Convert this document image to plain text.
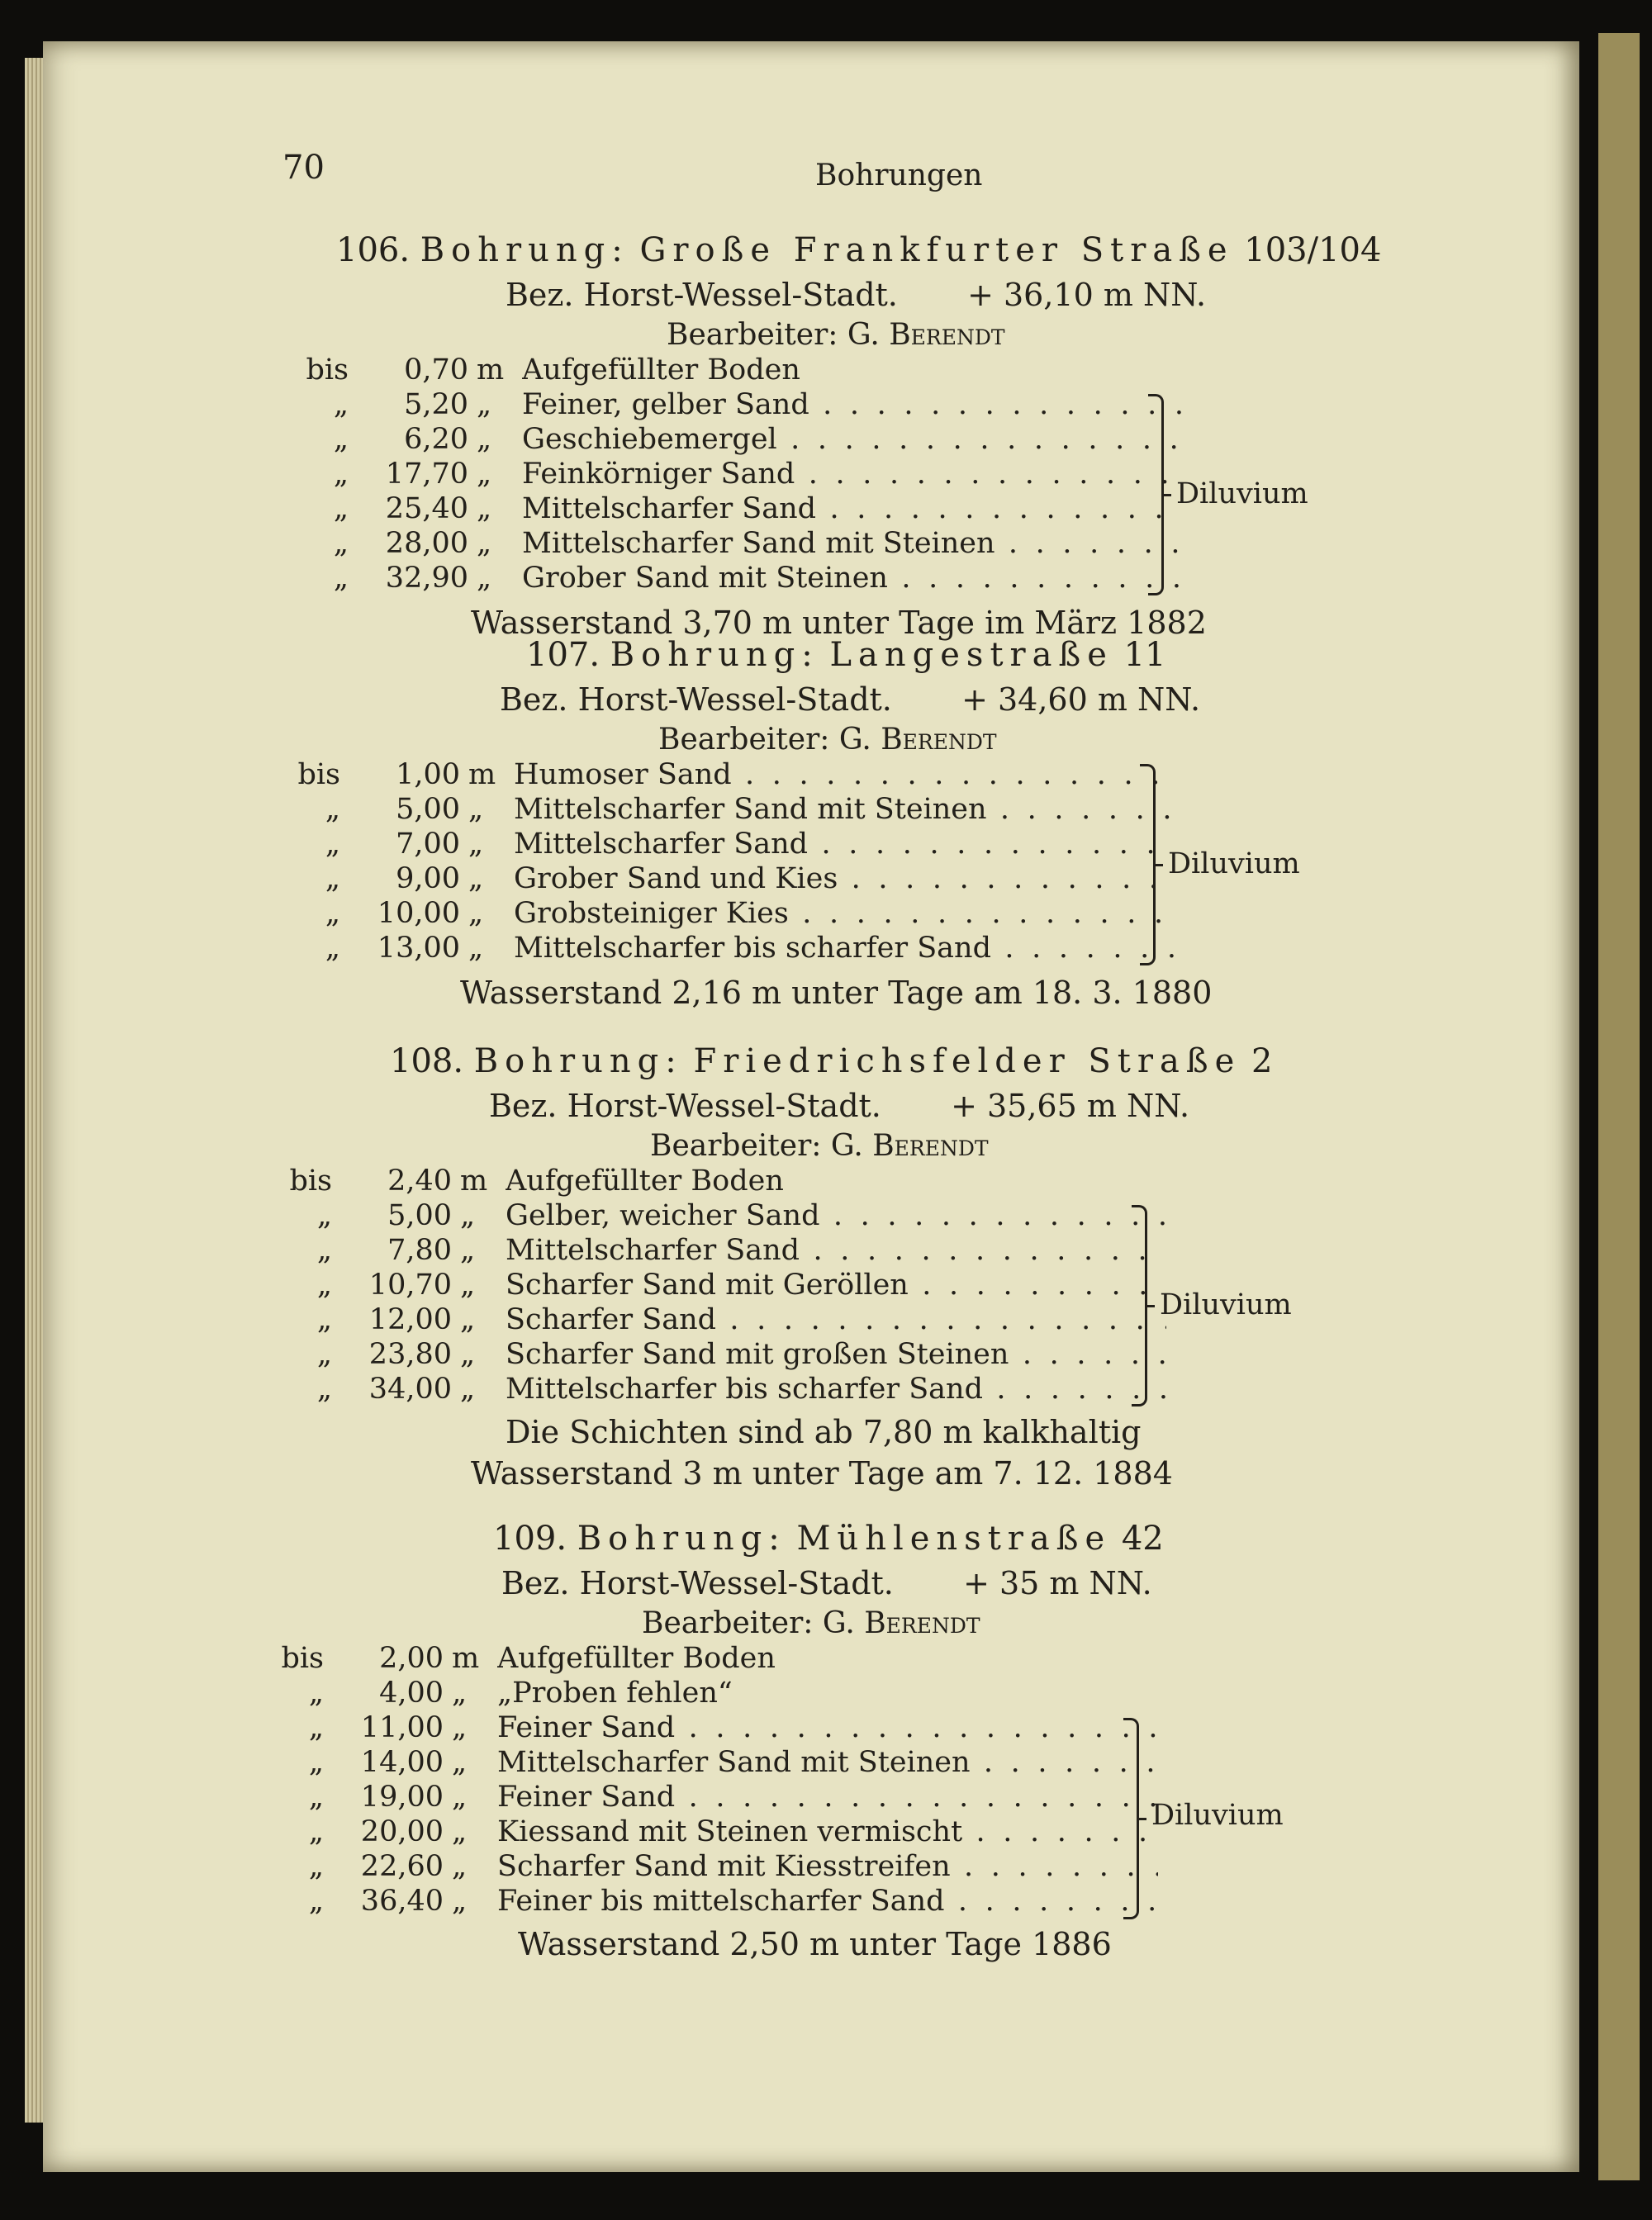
70	Bohrungen
106. Bohrung: Große Frankfurter Straße 103/104
Bez. Horst-Wessel-Stadt. + 36,10 m NN.
Bearbeiter: G. Berendt
bis 0,70 m Aufgefüllter Boden
„ 5,20 „ Feiner, gelber Sand . . .
„ 6,20 „ Geschiebemergel . . .
„ 17,70 „ Feinkörniger Sand . . .
„ 25,40 „ Mittelscharfer Sand . . .
„ 28,00 „ Mittelscharfer Sand mit Steinen . . .
„ 32,90 „ Grober Sand mit Steinen . . .
Diluvium
Wasserstand 3,70 m unter Tage im März 1882
107. Bohrung: Langestraße 11
Bez. Horst-Wessel-Stadt. + 34,60 m NN.
Bearbeiter: G. Berendt
bis 1,00 m Humoser Sand . . .
„ 5,00 „ Mittelscharfer Sand mit Steinen . . .
„ 7,00 „ Mittelscharfer Sand . . .
„ 9,00 „ Grober Sand und Kies . . .
„ 10,00 „ Grobsteiniger Kies . . .
„ 13,00 „ Mittelscharfer bis scharfer Sand . . .
Diluvium
Wasserstand 2,16 m unter Tage am 18. 3. 1880
108. Bohrung: Friedrichsfelder Straße 2
Bez. Horst-Wessel-Stadt. + 35,65 m NN.
Bearbeiter: G. Berendt
bis 2,40 m Aufgefüllter Boden
„ 5,00 „ Gelber, weicher Sand . . .
„ 7,80 „ Mittelscharfer Sand . . .
„ 10,70 „ Scharfer Sand mit Geröllen . . .
„ 12,00 „ Scharfer Sand . . .
„ 23,80 „ Scharfer Sand mit großen Steinen . . .
„ 34,00 „ Mittelscharfer bis scharfer Sand . . .
Diluvium
Die Schichten sind ab 7,80 m kalkhaltig
Wasserstand 3 m unter Tage am 7. 12. 1884
109. Bohrung: Mühlenstraße 42
Bez. Horst-Wessel-Stadt. + 35 m NN.
Bearbeiter: G. Berendt
bis 2,00 m Aufgefüllter Boden
„ 4,00 „ „Proben fehlen“
„ 11,00 „ Feiner Sand . . .
„ 14,00 „ Mittelscharfer Sand mit Steinen . . .
„ 19,00 „ Feiner Sand . . .
„ 20,00 „ Kiessand mit Steinen vermischt . . .
„ 22,60 „ Scharfer Sand mit Kiesstreifen . . .
„ 36,40 „ Feiner bis mittelscharfer Sand . . .
Diluvium
Wasserstand 2,50 m unter Tage 1886
